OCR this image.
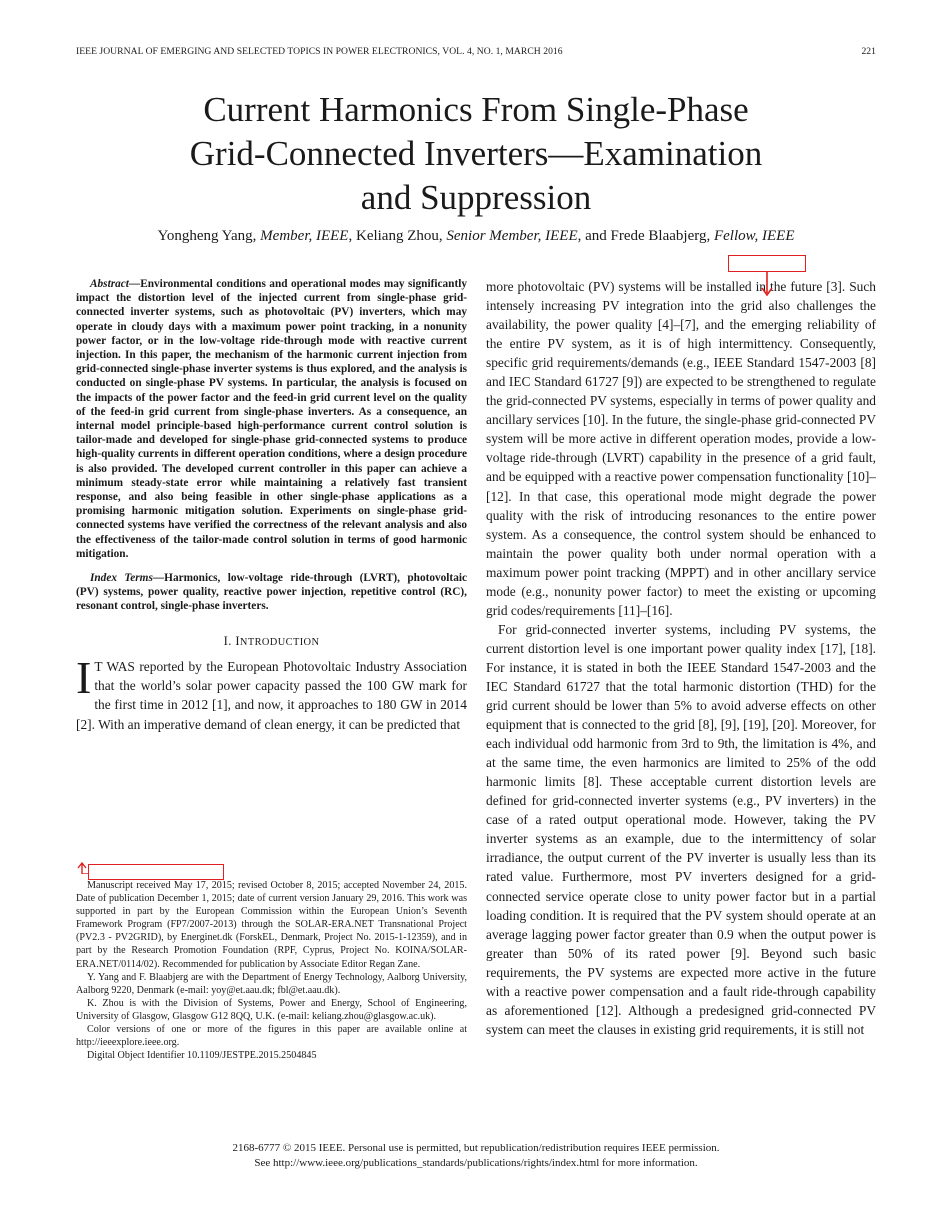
IEEE JOURNAL OF EMERGING AND SELECTED TOPICS IN POWER ELECTRONICS, VOL. 4, NO. 1, MARCH 2016	221
Current Harmonics From Single-Phase
Grid-Connected Inverters—Examination
and Suppression
Yongheng Yang, Member, IEEE, Keliang Zhou, Senior Member, IEEE, and Frede Blaabjerg, Fellow, IEEE

Abstract—Environmental conditions and operational modes may significantly impact the distortion level of the injected current from single-phase grid-connected inverter systems, such as photovoltaic (PV) inverters, which may operate in cloudy days with a maximum power point tracking, in a nonunity power factor, or in the low-voltage ride-through mode with reactive current injection. In this paper, the mechanism of the harmonic current injection from grid-connected single-phase inverter systems is thus explored, and the analysis is conducted on single-phase PV systems. In particular, the analysis is focused on the impacts of the power factor and the feed-in grid current level on the quality of the feed-in grid current from single-phase inverters. As a consequence, an internal model principle-based high-performance current control solution is tailor-made and developed for single-phase grid-connected systems to produce high-quality currents in different operation conditions, where a design procedure is also provided. The developed current controller in this paper can achieve a minimum steady-state error while maintaining a relatively fast transient response, and also being feasible in other single-phase applications as a promising harmonic mitigation solution. Experiments on single-phase grid-connected systems have verified the correctness of the relevant analysis and also the effectiveness of the tailor-made control solution in terms of good harmonic mitigation.

Index Terms—Harmonics, low-voltage ride-through (LVRT), photovoltaic (PV) systems, power quality, reactive power injection, repetitive control (RC), resonant control, single-phase inverters.

I. INTRODUCTION

I T WAS reported by the European Photovoltaic Industry Association that the world’s solar power capacity passed the 100 GW mark for the first time in 2012 [1], and now, it approaches to 180 GW in 2014 [2]. With an imperative demand of clean energy, it can be predicted that

Manuscript received May 17, 2015; revised October 8, 2015; accepted November 24, 2015. Date of publication December 1, 2015; date of current version January 29, 2016. This work was supported in part by the European Commission within the European Union’s Seventh Framework Program (FP7/2007-2013) through the SOLAR-ERA.NET Transnational Project (PV2.3 - PV2GRID), by Energinet.dk (ForskEL, Denmark, Project No. 2015-1-12359), and in part by the Research Promotion Foundation (RPF, Cyprus, Project No. KOINA/SOLAR-ERA.NET/0114/02). Recommended for publication by Associate Editor Regan Zane.

Y. Yang and F. Blaabjerg are with the Department of Energy Technology, Aalborg University, Aalborg 9220, Denmark (e-mail: yoy@et.aau.dk; fbl@et.aau.dk).

K. Zhou is with the Division of Systems, Power and Energy, School of Engineering, University of Glasgow, Glasgow G12 8QQ, U.K. (e-mail: keliang.zhou@glasgow.ac.uk).

Color versions of one or more of the figures in this paper are available online at http://ieeexplore.ieee.org.

Digital Object Identifier 10.1109/JESTPE.2015.2504845

more photovoltaic (PV) systems will be installed in the future [3]. Such intensely increasing PV integration into the grid also challenges the availability, the power quality [4]–[7], and the emerging reliability of the entire PV system, as it is of high intermittency. Consequently, specific grid requirements/demands (e.g., IEEE Standard 1547-2003 [8] and IEC Standard 61727 [9]) are expected to be strengthened to regulate the grid-connected PV systems, especially in terms of power quality and ancillary services [10]. In the future, the single-phase grid-connected PV system will be more active in different operation modes, provide a low-voltage ride-through (LVRT) capability in the presence of a grid fault, and be equipped with a reactive power compensation functionality [10]–[12]. In that case, this operational mode might degrade the power quality with the risk of introducing resonances to the entire power system. As a consequence, the control system should be enhanced to maintain the power quality both under normal operation with a maximum power point tracking (MPPT) and in other ancillary service mode (e.g., nonunity power factor) to meet the existing or upcoming grid codes/requirements [11]–[16].

For grid-connected inverter systems, including PV systems, the current distortion level is one important power quality index [17], [18]. For instance, it is stated in both the IEEE Standard 1547-2003 and the IEC Standard 61727 that the total harmonic distortion (THD) for the grid current should be lower than 5% to avoid adverse effects on other equipment that is connected to the grid [8], [9], [19], [20]. Moreover, for each individual odd harmonic from 3rd to 9th, the limitation is 4%, and at the same time, the even harmonics are limited to 25% of the odd harmonic limits [8]. These acceptable current distortion levels are defined for grid-connected inverter systems (e.g., PV inverters) in the case of a rated output operational mode. However, taking the PV inverter systems as an example, due to the intermittency of solar irradiance, the output current of the PV inverter is usually less than its rated value. Furthermore, most PV inverters designed for a grid-connected service operate close to unity power factor but in a partial loading condition. It is required that the PV system should operate at an average lagging power factor greater than 0.9 when the output power is greater than 50% of its rated power [9]. Beyond such basic requirements, the PV systems are expected more active in the future with a reactive power compensation and a fault ride-through capability as aforementioned [12]. Although a predesigned grid-connected PV system can meet the clauses in existing grid requirements, it is still not

2168-6777 © 2015 IEEE. Personal use is permitted, but republication/redistribution requires IEEE permission.
See http://www.ieee.org/publications_standards/publications/rights/index.html for more information.
